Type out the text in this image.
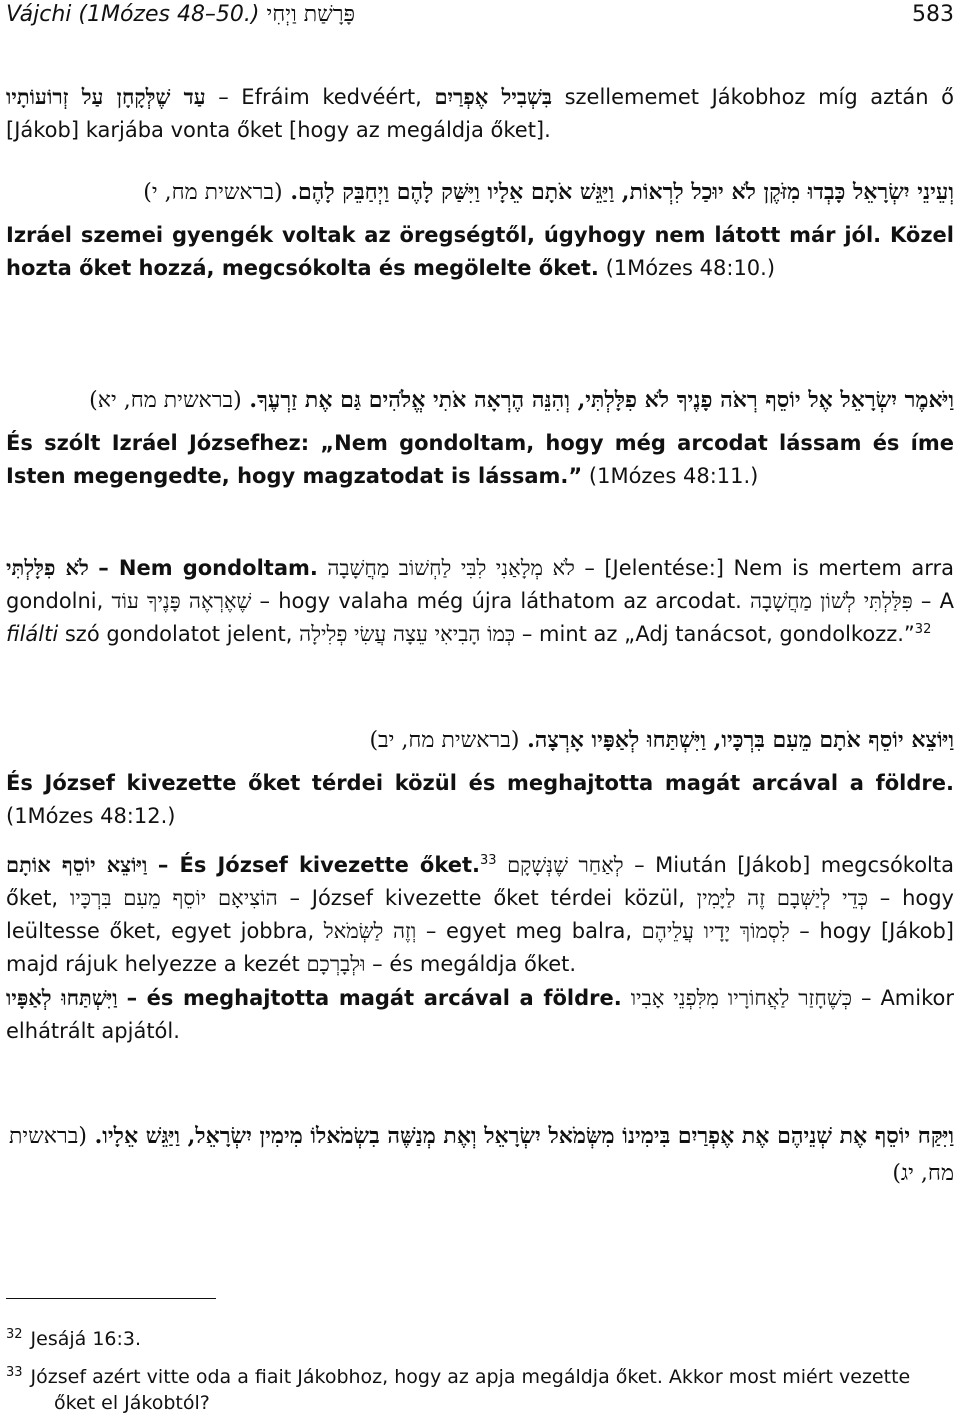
Vájchi (1Mózes 48–50.) פָּרָשַׁת וַיְחִי	583

עַד שֶׁלְּקָחָן עַל זְרוֹעוֹתָיו – Efráim kedvéért, בִּשְׁבִיל אֶפְרַיִם szellememet Jákobhoz míg aztán ő [Jákob] karjába vonta őket [hogy az megáldja őket].

וְעֵינֵי יִשְׂרָאֵל כָּבְדוּ מִזֹּקֶן לֹא יוּכַל לִרְאוֹת, וַיַּגֵּשׁ אֹתָם אֵלָיו וַיִּשַּׁק לָהֶם וַיְחַבֵּק לָהֶם. (בראשית מח, י)

Izráel szemei gyengék voltak az öregségtől, úgyhogy nem látott már jól. Közel hozta őket hozzá, megcsókolta és megölelte őket. (1Mózes 48:10.)

וַיֹּאמֶר יִשְׂרָאֵל אֶל יוֹסֵף רְאֹה פָנֶיךָ לֹא פִלָּלְתִּי, וְהִנֵּה הֶרְאָה אֹתִי אֱלֹהִים גַּם אֶת זַרְעֶךָ. (בראשית מח, יא)

És szólt Izráel Józsefhez: „Nem gondoltam, hogy még arcodat lássam és íme Isten megengedte, hogy magzatodat is lássam.” (1Mózes 48:11.)

לֹא פִלָּלְתִּי – Nem gondoltam. לֹא מְלָאַנִי לִבִּי לַחְשׁוֹב מַחֲשָׁבָה – [Jelentése:] Nem is mertem arra gondolni, שֶׁאֶרְאֶה פָּנֶיךָ עוֹד – hogy valaha még újra láthatom az arcodat. פִּלַּלְתִּי לְשׁוֹן מַחֲשָׁבָה – A filálti szó gondolatot jelent, כְּמוֹ הָבִיאִי עֵצָה עֲשִׂי פְלִילָה – mint az „Adj tanácsot, gondolkozz.”$^{32}$

וַיּוֹצֵא יוֹסֵף אֹתָם מֵעִם בִּרְכָּיו, וַיִּשְׁתַּחוּ לְאַפָּיו אָרְצָה. (בראשית מח, יב)

És József kivezette őket térdei közül és meghajtotta magát arcával a földre. (1Mózes 48:12.)

וַיּוֹצֵא יוֹסֵף אוֹתָם – És József kivezette őket.$^{33}$ לְאַחַר שֶׁנְּשָׁקָם – Miután [Jákob] megcsókolta őket, הוֹצִיאָם יוֹסֵף מֵעִם בִּרְכָּיו – József kivezette őket térdei közül, כְּדֵי לְיַשְּׁבָם זֶה לַיָּמִין – hogy leültesse őket, egyet jobbra, וְזֶה לַשְּׂמֹאל – egyet meg balra, לִסְמוֹךְ יָדָיו עֲלֵיהֶם – hogy [Jákob] majd rájuk helyezze a kezét וּלְבָרְכָם – és megáldja őket.

וַיִּשְׁתַּחוּ לְאַפָּיו – és meghajtotta magát arcával a földre. כְּשֶׁחָזַר לַאֲחוֹרָיו מִלִּפְנֵי אָבִיו – Amikor elhátrált apjától.

וַיִּקַּח יוֹסֵף אֶת שְׁנֵיהֶם אֶת אֶפְרַיִם בִּימִינוֹ מִשְּׂמֹאל יִשְׂרָאֵל וְאֶת מְנַשֶּׁה בִשְׂמֹאלוֹ מִימִין יִשְׂרָאֵל, וַיַּגֵּשׁ אֵלָיו. (בראשית מח, יג)

$^{32}$ Jesájá 16:3.
$^{33}$ József azért vitte oda a fiait Jákobhoz, hogy az apja megáldja őket. Akkor most miért vezette őket el Jákobtól?
